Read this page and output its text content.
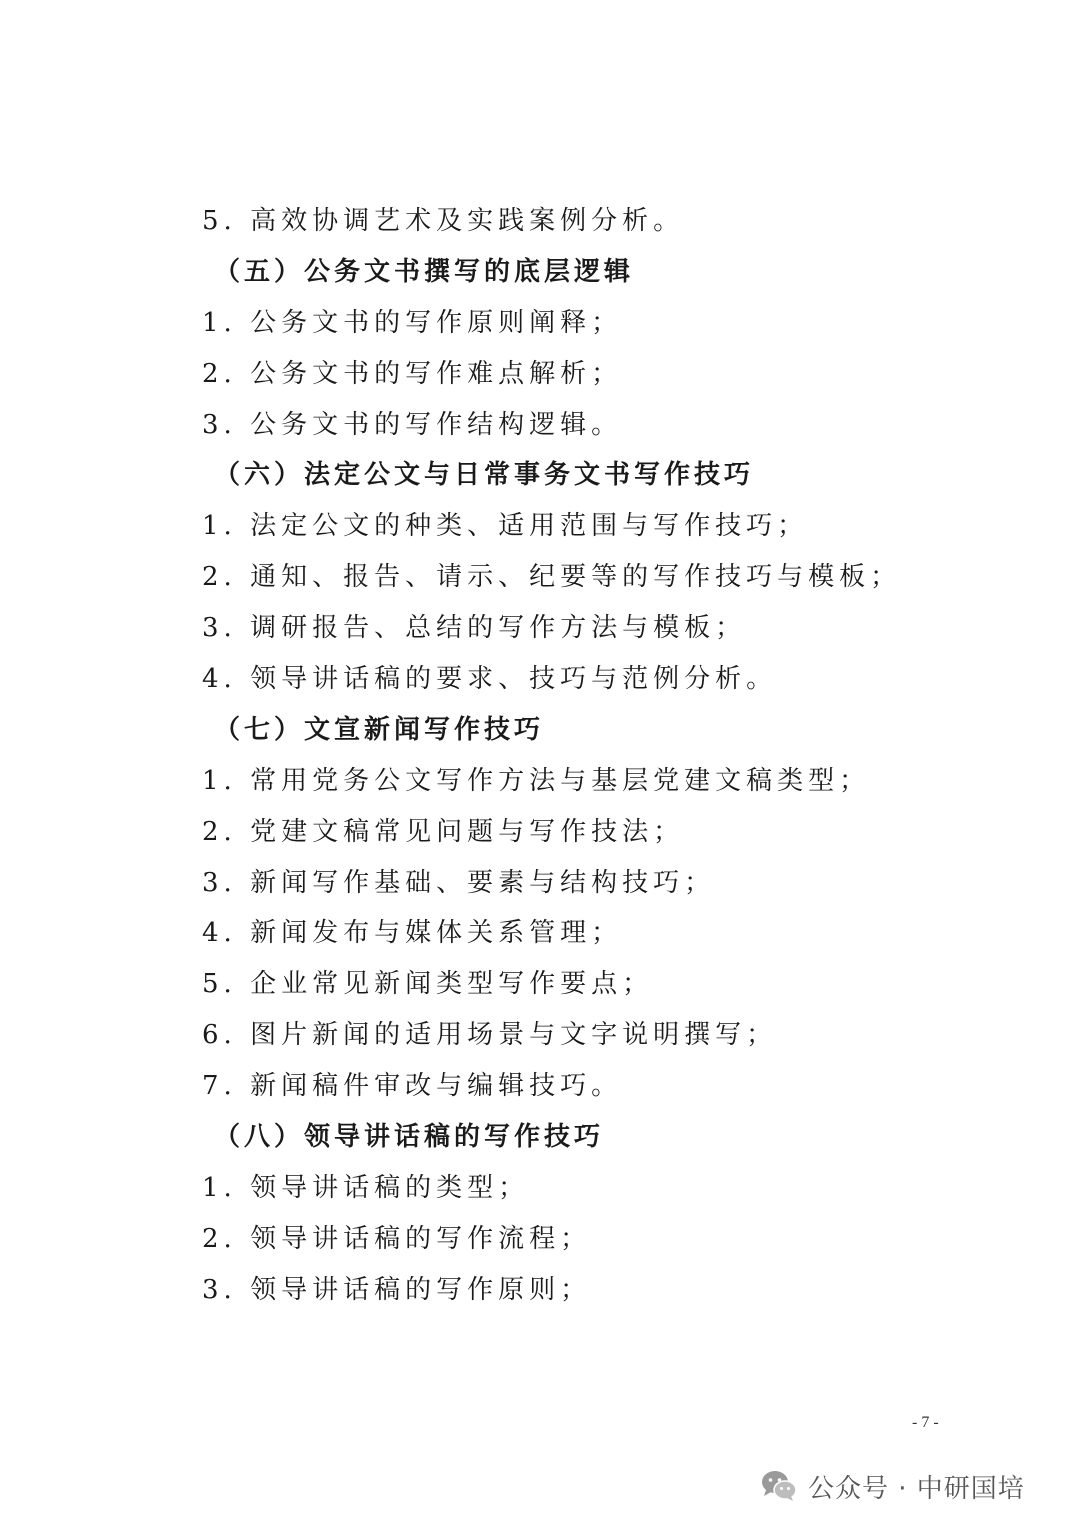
5. 高效协调艺术及实践案例分析。
（五）公务文书撰写的底层逻辑
1. 公务文书的写作原则阐释；
2. 公务文书的写作难点解析；
3. 公务文书的写作结构逻辑。
（六）法定公文与日常事务文书写作技巧
1. 法定公文的种类、适用范围与写作技巧；
2. 通知、报告、请示、纪要等的写作技巧与模板；
3. 调研报告、总结的写作方法与模板；
4. 领导讲话稿的要求、技巧与范例分析。
（七）文宣新闻写作技巧
1. 常用党务公文写作方法与基层党建文稿类型；
2. 党建文稿常见问题与写作技法；
3. 新闻写作基础、要素与结构技巧；
4. 新闻发布与媒体关系管理；
5. 企业常见新闻类型写作要点；
6. 图片新闻的适用场景与文字说明撰写；
7. 新闻稿件审改与编辑技巧。
（八）领导讲话稿的写作技巧
1. 领导讲话稿的类型；
2. 领导讲话稿的写作流程；
3. 领导讲话稿的写作原则；
- 7 -
公众号 · 中研国培
